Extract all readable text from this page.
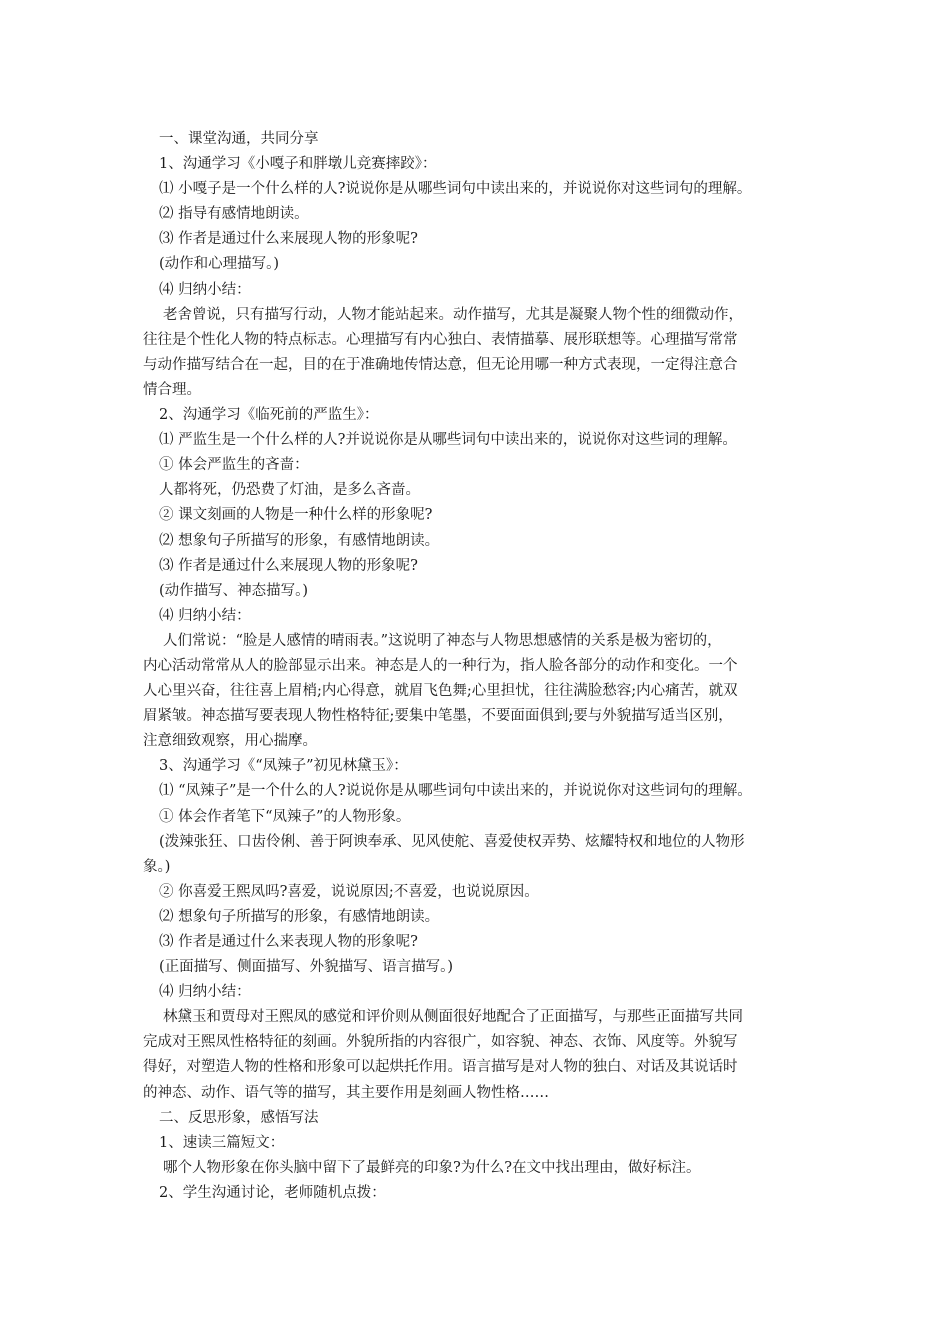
一、课堂沟通，共同分享
1、沟通学习《小嘎子和胖墩儿竞赛摔跤》：
⑴ 小嘎子是一个什么样的人?说说你是从哪些词句中读出来的，并说说你对这些词句的理解。
⑵ 指导有感情地朗读。
⑶ 作者是通过什么来展现人物的形象呢?
(动作和心理描写。)
⑷ 归纳小结：
老舍曾说，只有描写行动，人物才能站起来。动作描写，尤其是凝聚人物个性的细微动作，
往往是个性化人物的特点标志。心理描写有内心独白、表情描摹、展形联想等。心理描写常常
与动作描写结合在一起，目的在于准确地传情达意，但无论用哪一种方式表现，一定得注意合
情合理。
2、沟通学习《临死前的严监生》：
⑴ 严监生是一个什么样的人?并说说你是从哪些词句中读出来的，说说你对这些词的理解。
① 体会严监生的吝啬：
人都将死，仍恐费了灯油，是多么吝啬。
② 课文刻画的人物是一种什么样的形象呢?
⑵ 想象句子所描写的形象，有感情地朗读。
⑶ 作者是通过什么来展现人物的形象呢?
(动作描写、神态描写。)
⑷ 归纳小结：
人们常说：“脸是人感情的晴雨表。”这说明了神态与人物思想感情的关系是极为密切的，
内心活动常常从人的脸部显示出来。神态是人的一种行为，指人脸各部分的动作和变化。一个
人心里兴奋，往往喜上眉梢;内心得意，就眉飞色舞;心里担忧，往往满脸愁容;内心痛苦，就双
眉紧皱。神态描写要表现人物性格特征;要集中笔墨，不要面面俱到;要与外貌描写适当区别，
注意细致观察，用心揣摩。
3、沟通学习《“凤辣子”初见林黛玉》：
⑴ “凤辣子”是一个什么的人?说说你是从哪些词句中读出来的，并说说你对这些词句的理解。
① 体会作者笔下“凤辣子”的人物形象。
(泼辣张狂、口齿伶俐、善于阿谀奉承、见风使舵、喜爱使权弄势、炫耀特权和地位的人物形
象。)
② 你喜爱王熙凤吗?喜爱，说说原因;不喜爱，也说说原因。
⑵ 想象句子所描写的形象，有感情地朗读。
⑶ 作者是通过什么来表现人物的形象呢?
(正面描写、侧面描写、外貌描写、语言描写。)
⑷ 归纳小结：
林黛玉和贾母对王熙凤的感觉和评价则从侧面很好地配合了正面描写，与那些正面描写共同
完成对王熙凤性格特征的刻画。外貌所指的内容很广，如容貌、神态、衣饰、风度等。外貌写
得好，对塑造人物的性格和形象可以起烘托作用。语言描写是对人物的独白、对话及其说话时
的神态、动作、语气等的描写，其主要作用是刻画人物性格……
二、反思形象，感悟写法
1、速读三篇短文：
哪个人物形象在你头脑中留下了最鲜亮的印象?为什么?在文中找出理由，做好标注。
2、学生沟通讨论，老师随机点拨：
